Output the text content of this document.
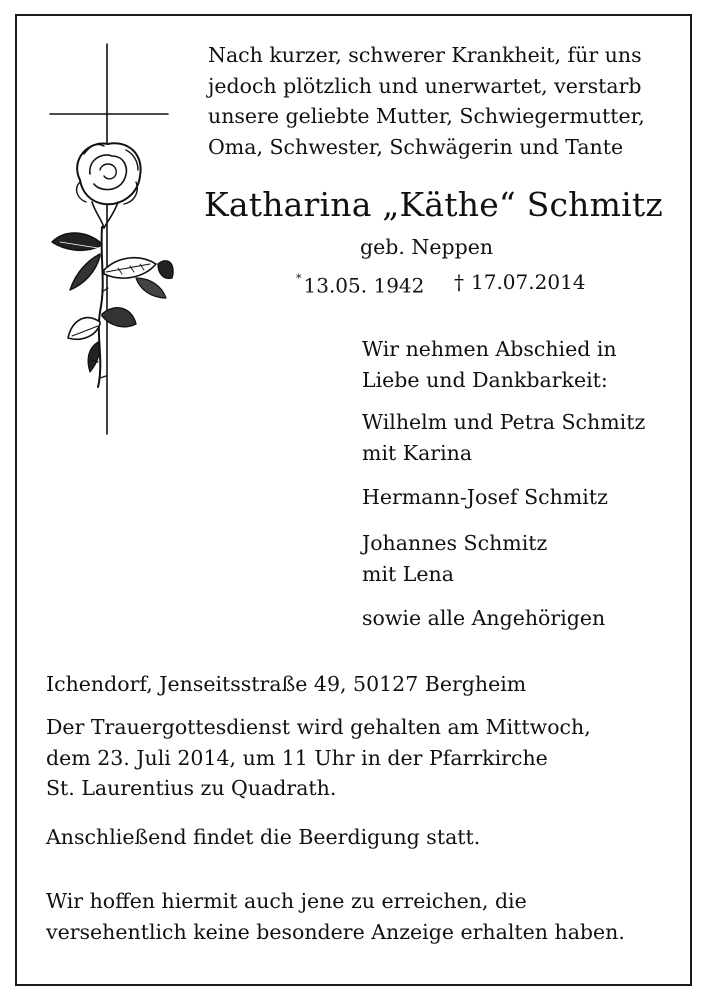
Nach kurzer, schwerer Krankheit, für uns
jedoch plötzlich und unerwartet, verstarb
unsere geliebte Mutter, Schwiegermutter,
Oma, Schwester, Schwägerin und Tante
Katharina „Käthe“ Schmitz
geb. Neppen
* 13.05. 1942 † 17.07.2014
Wir nehmen Abschied in
Liebe und Dankbarkeit:
Wilhelm und Petra Schmitz
mit Karina
Hermann-Josef Schmitz
Johannes Schmitz
mit Lena
sowie alle Angehörigen
Ichendorf, Jenseitsstraße 49, 50127 Bergheim
Der Trauergottesdienst wird gehalten am Mittwoch,
dem 23. Juli 2014, um 11 Uhr in der Pfarrkirche
St. Laurentius zu Quadrath.
Anschließend findet die Beerdigung statt.
Wir hoffen hiermit auch jene zu erreichen, die
versehentlich keine besondere Anzeige erhalten haben.
